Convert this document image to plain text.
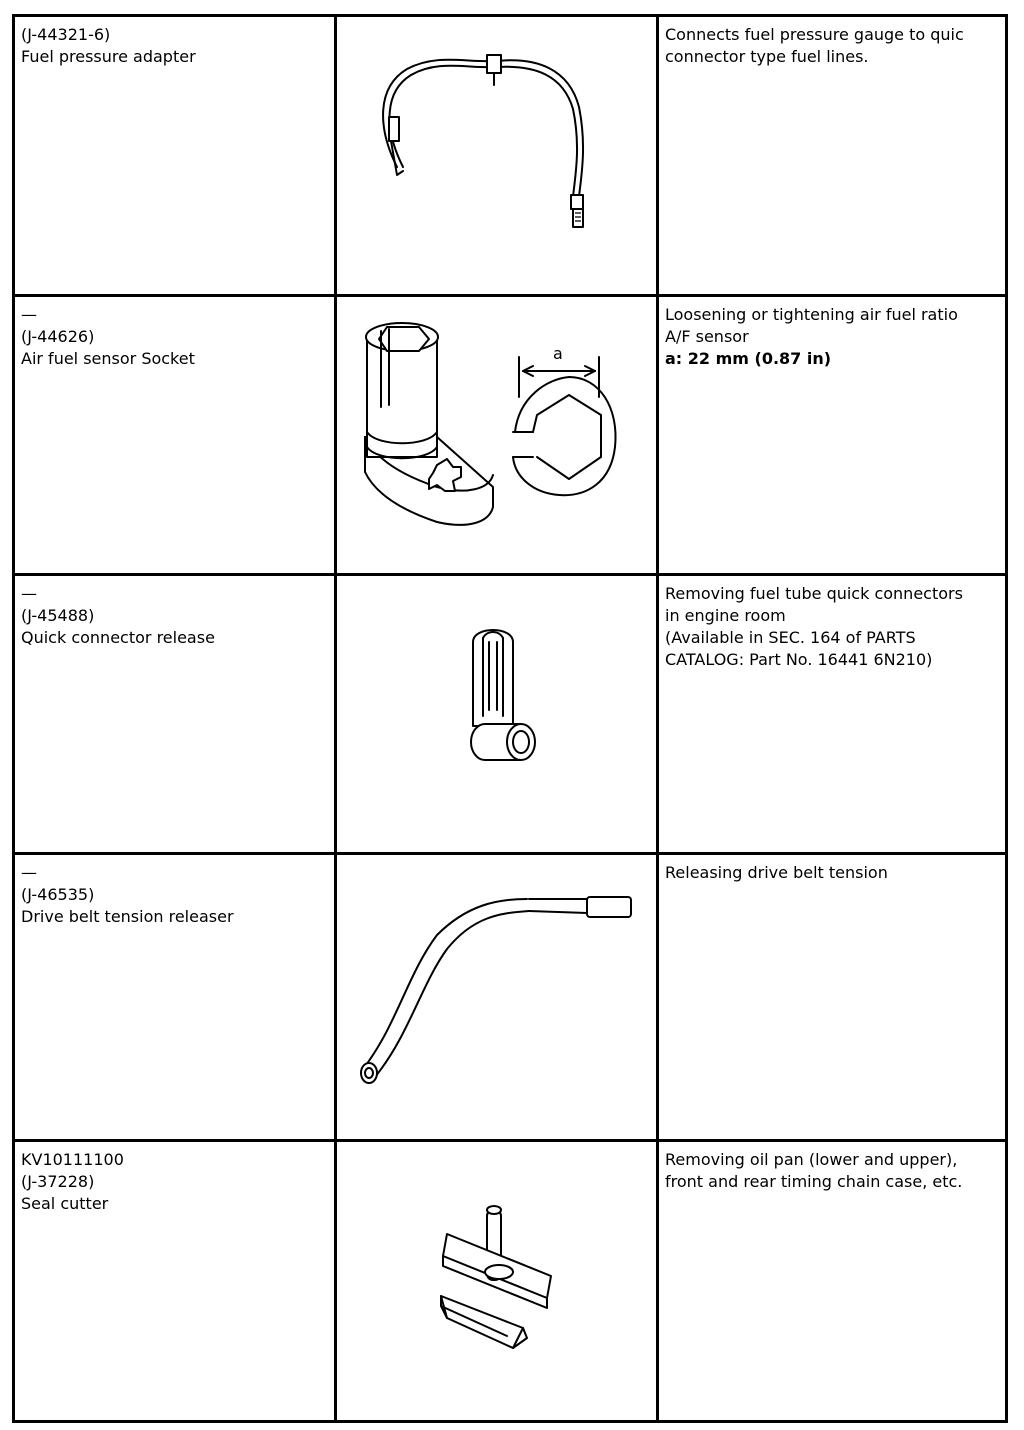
(J-44321-6)
Fuel pressure adapter		Connects fuel pressure gauge to quic
connector type fuel lines.

—
(J-44626)
Air fuel sensor Socket	a	Loosening or tightening air fuel ratio
A/F sensor
a: 22 mm (0.87 in)

—
(J-45488)
Quick connector release		Removing fuel tube quick connectors
in engine room
(Available in SEC. 164 of PARTS
CATALOG: Part No. 16441 6N210)

—
(J-46535)
Drive belt tension releaser		Releasing drive belt tension

KV10111100
(J-37228)
Seal cutter		Removing oil pan (lower and upper),
front and rear timing chain case, etc.
